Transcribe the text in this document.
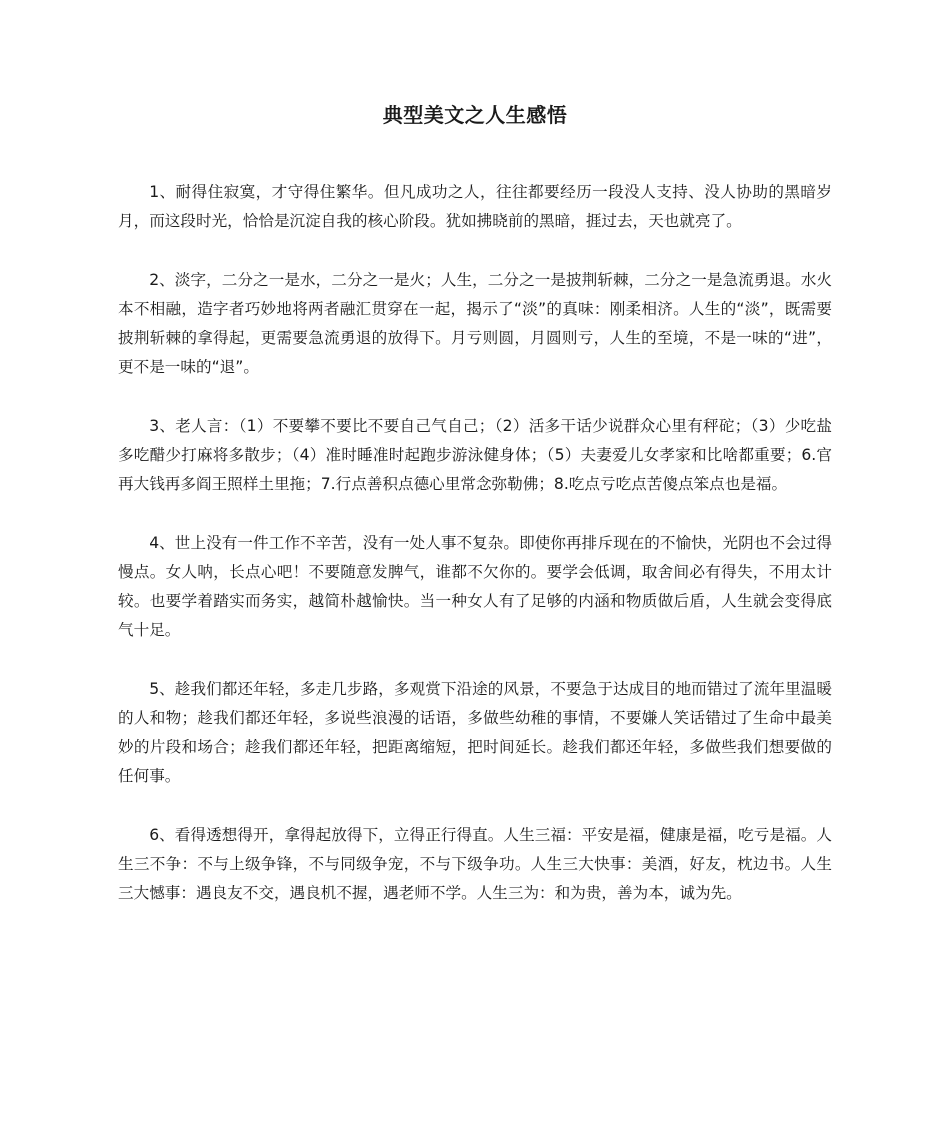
典型美文之人生感悟

1、耐得住寂寞，才守得住繁华。但凡成功之人，往往都要经历一段没人支持、没人协助的黑暗岁月，而这段时光，恰恰是沉淀自我的核心阶段。犹如拂晓前的黑暗，捱过去，天也就亮了。

2、淡字，二分之一是水，二分之一是火；人生，二分之一是披荆斩棘，二分之一是急流勇退。水火本不相融，造字者巧妙地将两者融汇贯穿在一起，揭示了“淡”的真味：刚柔相济。人生的“淡”，既需要披荆斩棘的拿得起，更需要急流勇退的放得下。月亏则圆，月圆则亏，人生的至境，不是一味的“进”，更不是一味的“退”。

3、老人言：（1）不要攀不要比不要自己气自己；（2）活多干话少说群众心里有秤砣；（3）少吃盐多吃醋少打麻将多散步；（4）准时睡准时起跑步游泳健身体；（5）夫妻爱儿女孝家和比啥都重要；6.官再大钱再多阎王照样土里拖；7.行点善积点德心里常念弥勒佛；8.吃点亏吃点苦傻点笨点也是福。

4、世上没有一件工作不辛苦，没有一处人事不复杂。即使你再排斥现在的不愉快，光阴也不会过得慢点。女人呐，长点心吧！不要随意发脾气，谁都不欠你的。要学会低调，取舍间必有得失，不用太计较。也要学着踏实而务实，越简朴越愉快。当一种女人有了足够的内涵和物质做后盾，人生就会变得底气十足。

5、趁我们都还年轻，多走几步路，多观赏下沿途的风景，不要急于达成目的地而错过了流年里温暖的人和物；趁我们都还年轻，多说些浪漫的话语，多做些幼稚的事情，不要嫌人笑话错过了生命中最美妙的片段和场合；趁我们都还年轻，把距离缩短，把时间延长。趁我们都还年轻，多做些我们想要做的任何事。

6、看得透想得开，拿得起放得下，立得正行得直。人生三福：平安是福，健康是福，吃亏是福。人生三不争：不与上级争锋，不与同级争宠，不与下级争功。人生三大快事：美酒，好友，枕边书。人生三大憾事：遇良友不交，遇良机不握，遇老师不学。人生三为：和为贵，善为本，诚为先。
